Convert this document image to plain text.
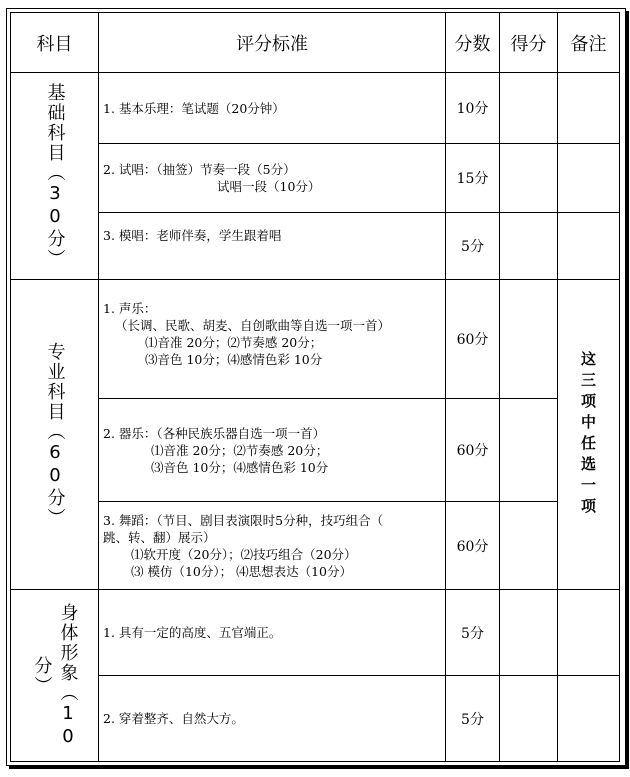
科目	评分标准	分数	得分	备注

基础科目（30分）	1. 基本乐理：笔试题（20分钟）	10分		

	2. 试唱：（抽签）节奏一段（5分）
试唱一段（10分）	15分		

	3. 模唱：老师伴奏，学生跟着唱	5分		

专业科目（60分）	1. 声乐：
（长调、民歌、胡麦、自创歌曲等自选一项一首）
⑴音准 20分；⑵节奏感 20分；
⑶音色 10分；⑷感情色彩 10分	60分		这三项中任选一项

	2. 器乐：（各种民族乐器自选一项一首）
⑴音准 20分；⑵节奏感 20分；
⑶音色 10分；⑷感情色彩 10分	60分		

	3. 舞蹈：（节目、剧目表演限时5分种，技巧组合（
跳、转、翻）展示）
⑴软开度（20分）；⑵技巧组合（20分）
⑶ 模仿（10分）； ⑷思想表达（10分）	60分		

身体形象（10分）	1. 具有一定的高度、五官端正。	5分		

	2. 穿着整齐、自然大方。	5分		
